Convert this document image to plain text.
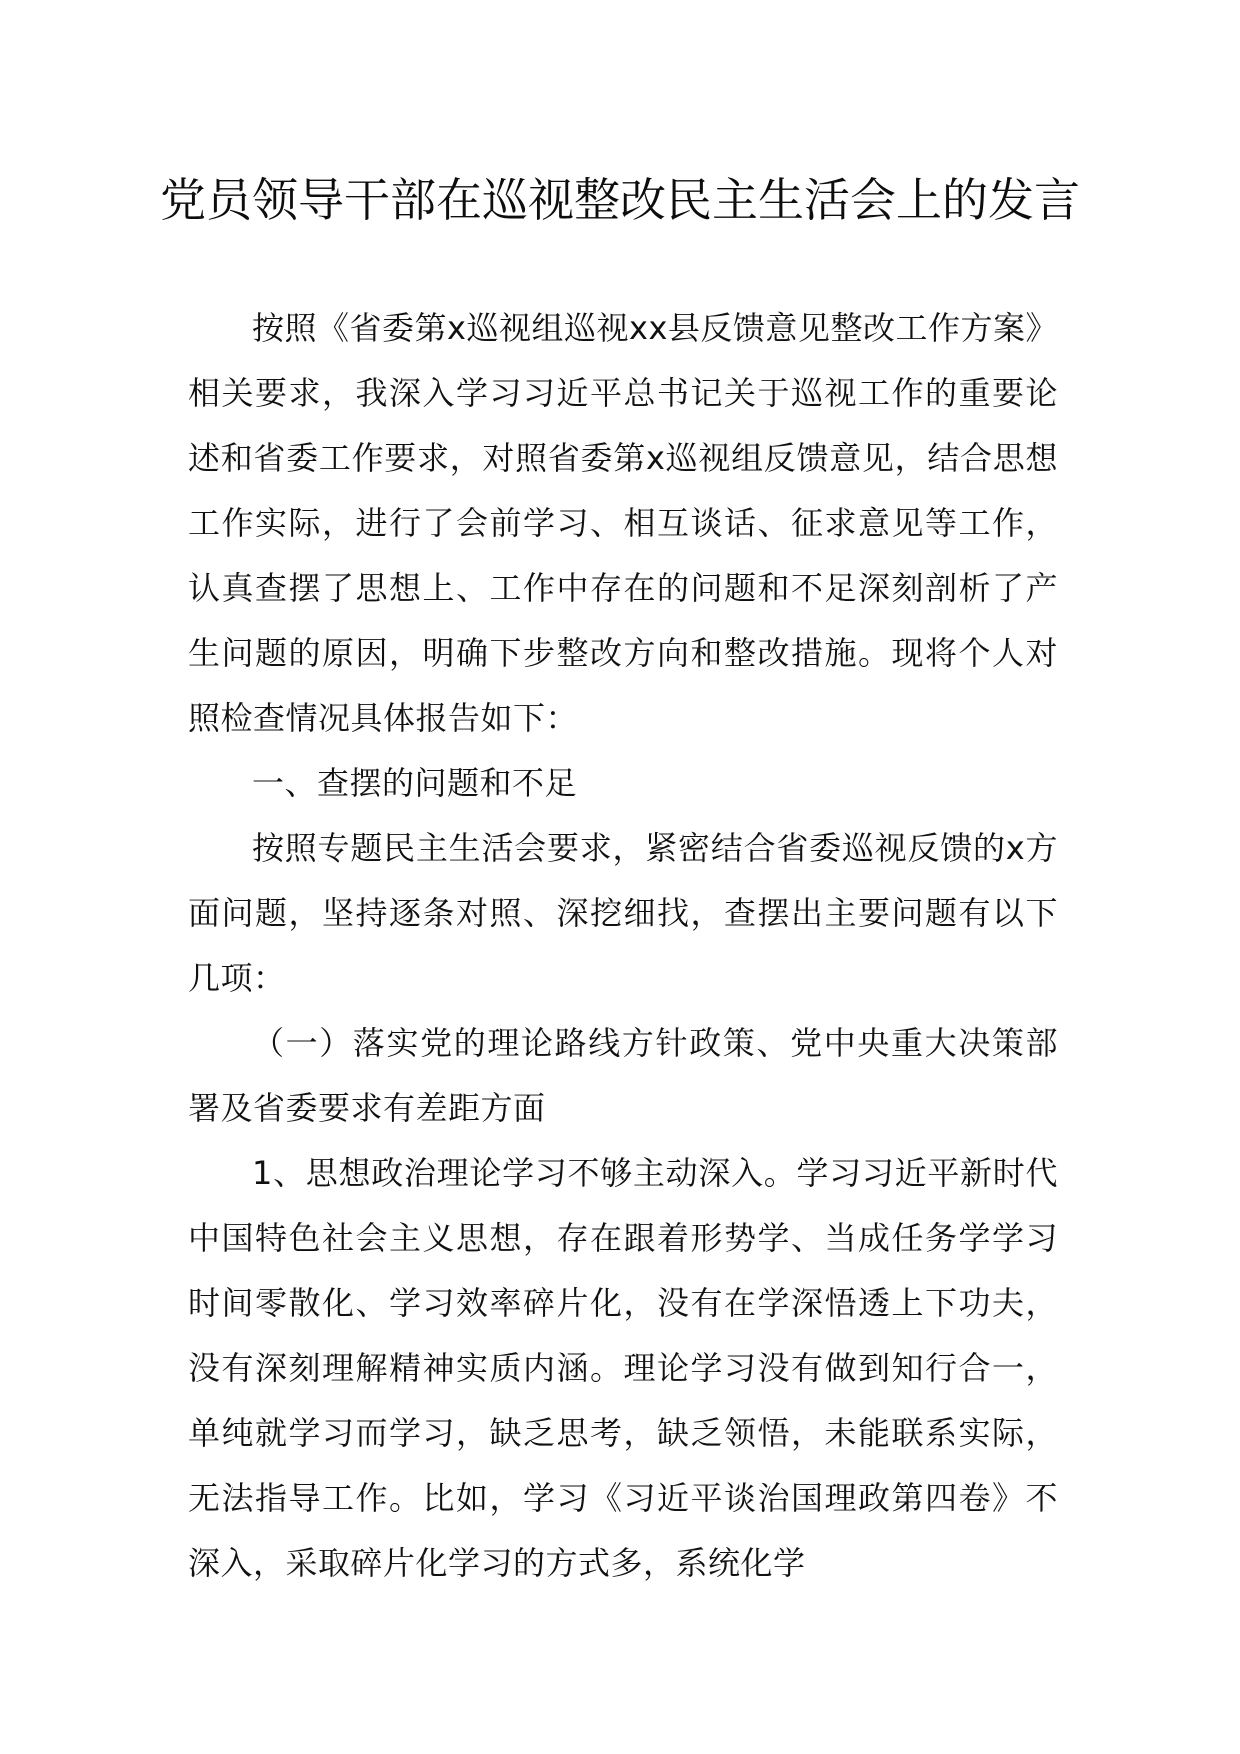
党员领导干部在巡视整改民主生活会上的发言

按照《省委第x巡视组巡视xx县反馈意见整改工作方案》相关要求，我深入学习习近平总书记关于巡视工作的重要论述和省委工作要求，对照省委第x巡视组反馈意见，结合思想工作实际，进行了会前学习、相互谈话、征求意见等工作，认真查摆了思想上、工作中存在的问题和不足深刻剖析了产生问题的原因，明确下步整改方向和整改措施。现将个人对照检查情况具体报告如下：

一、查摆的问题和不足

按照专题民主生活会要求，紧密结合省委巡视反馈的x方面问题，坚持逐条对照、深挖细找，查摆出主要问题有以下几项：

（一）落实党的理论路线方针政策、党中央重大决策部署及省委要求有差距方面

1、思想政治理论学习不够主动深入。学习习近平新时代中国特色社会主义思想，存在跟着形势学、当成任务学学习时间零散化、学习效率碎片化，没有在学深悟透上下功夫，没有深刻理解精神实质内涵。理论学习没有做到知行合一，单纯就学习而学习，缺乏思考，缺乏领悟，未能联系实际，无法指导工作。比如，学习《习近平谈治国理政第四卷》不深入，采取碎片化学习的方式多，系统化学
